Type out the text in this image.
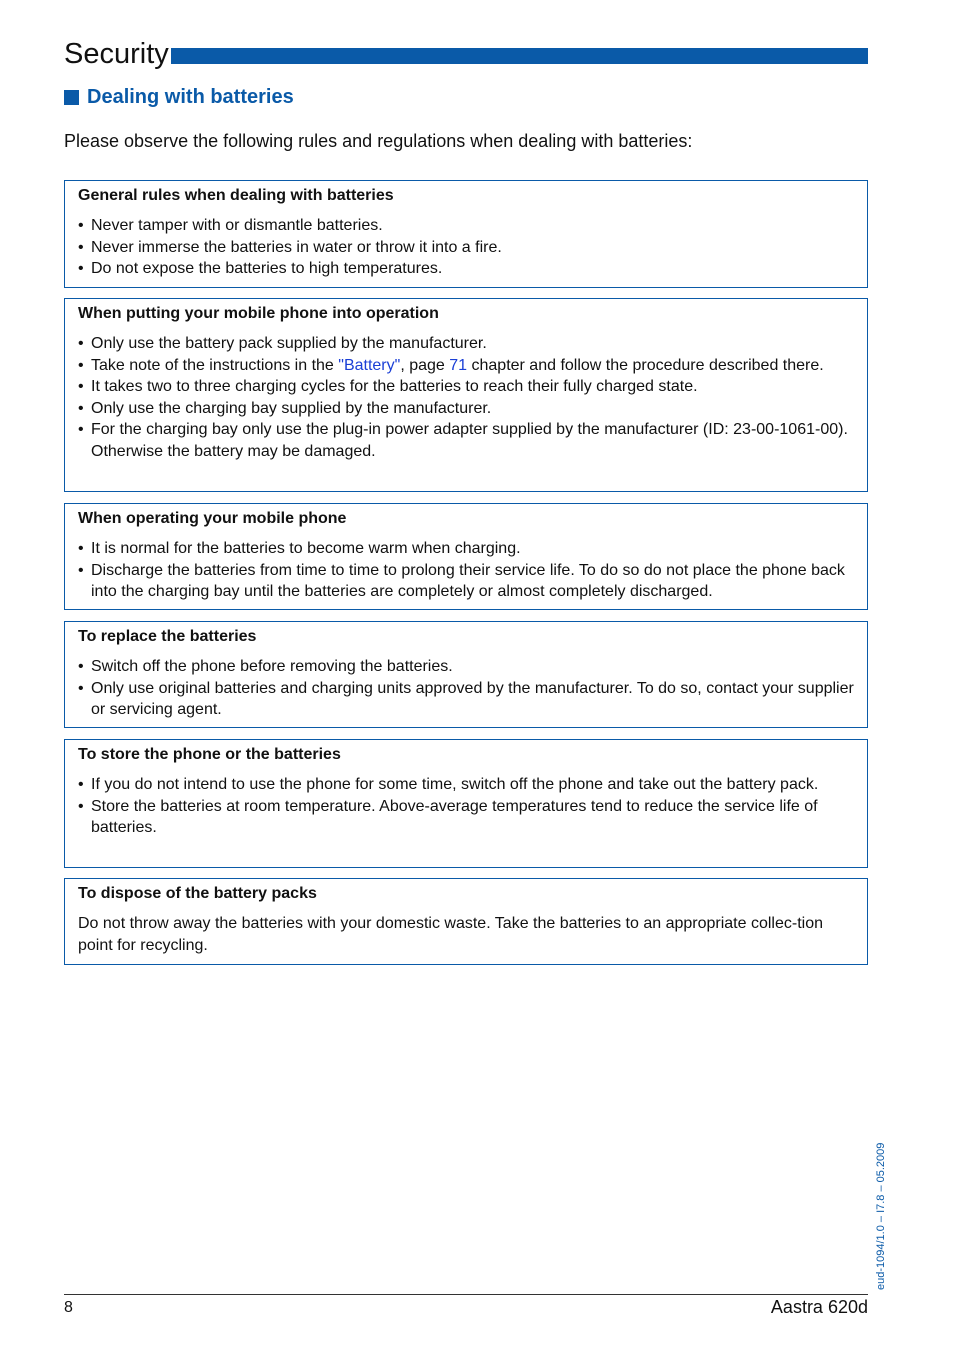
Security
Dealing with batteries
Please observe the following rules and regulations when dealing with batteries:
General rules when dealing with batteries
• Never tamper with or dismantle batteries.
• Never immerse the batteries in water or throw it into a fire.
• Do not expose the batteries to high temperatures.
When putting your mobile phone into operation
• Only use the battery pack supplied by the manufacturer.
• Take note of the instructions in the "Battery", page 71 chapter and follow the procedure described there.
• It takes two to three charging cycles for the batteries to reach their fully charged state.
• Only use the charging bay supplied by the manufacturer.
• For the charging bay only use the plug-in power adapter supplied by the manufacturer (ID: 23-00-1061-00). Otherwise the battery may be damaged.
When operating your mobile phone
• It is normal for the batteries to become warm when charging.
• Discharge the batteries from time to time to prolong their service life. To do so do not place the phone back into the charging bay until the batteries are completely or almost completely discharged.
To replace the batteries
• Switch off the phone before removing the batteries.
• Only use original batteries and charging units approved by the manufacturer. To do so, contact your supplier or servicing agent.
To store the phone or the batteries
• If you do not intend to use the phone for some time, switch off the phone and take out the battery pack.
• Store the batteries at room temperature. Above-average temperatures tend to reduce the service life of batteries.
To dispose of the battery packs

Do not throw away the batteries with your domestic waste. Take the batteries to an appropriate collec-tion point for recycling.

eud-1094/1.0 – I7.8 – 05.2009
8	Aastra 620d
